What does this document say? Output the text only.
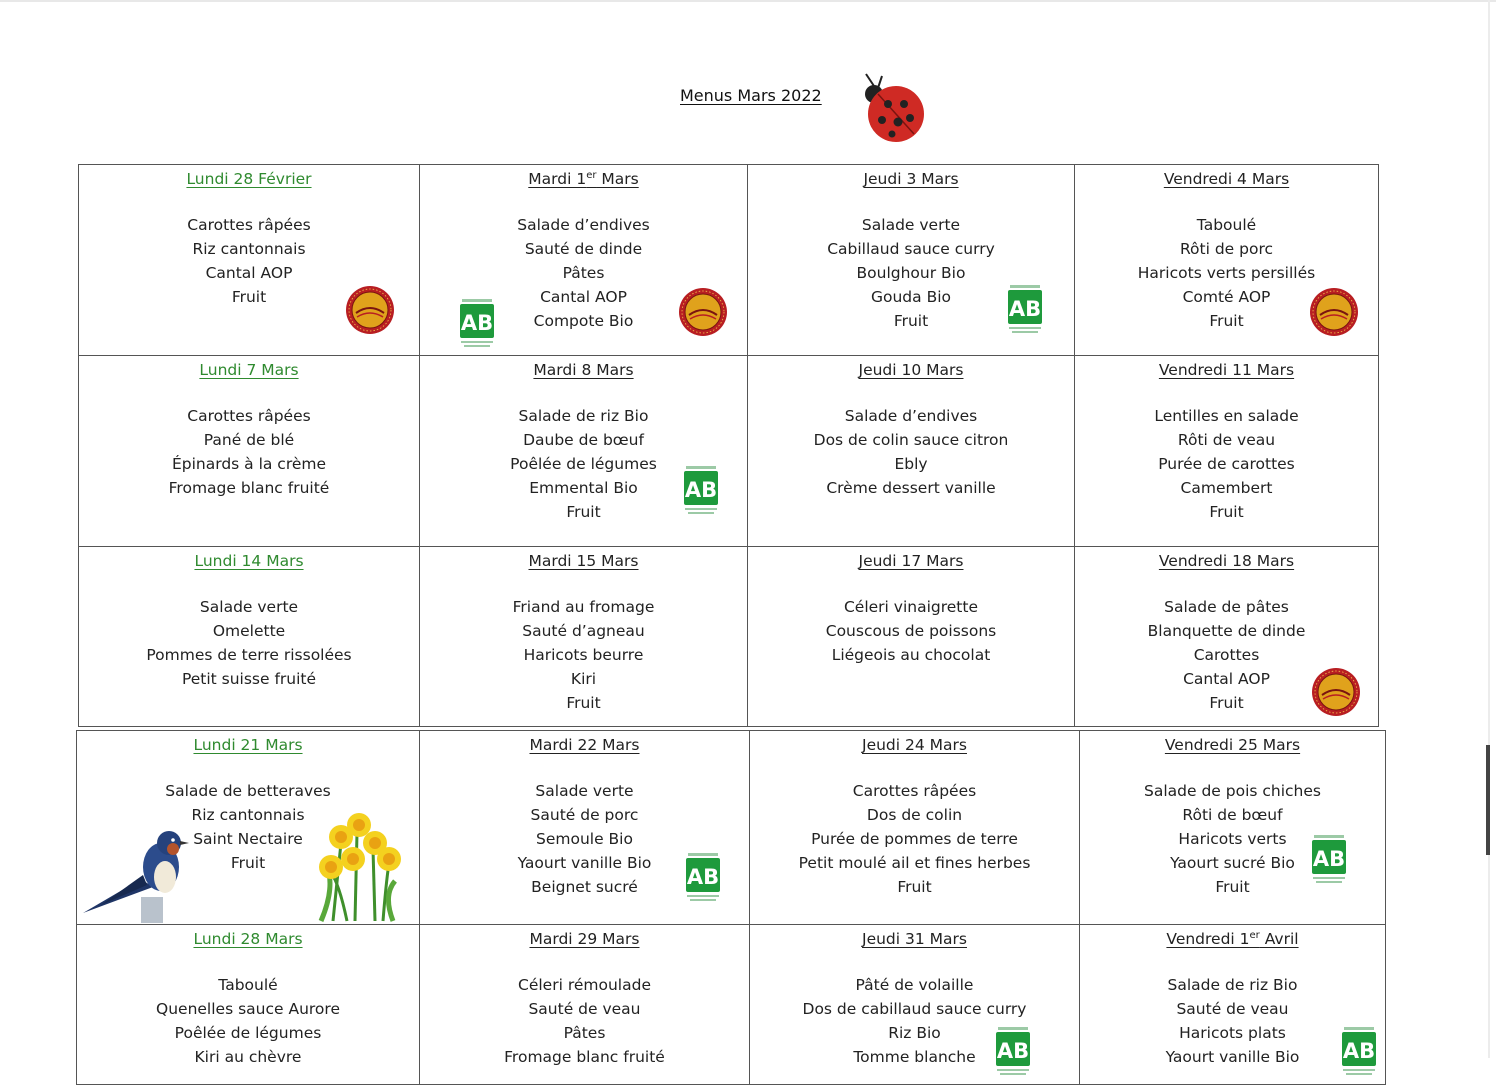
Menus Mars 2022
Lundi 28 Février
Carottes râpées
Riz cantonnais
Cantal AOP
Fruit
Mardi 1er Mars
Salade d’endives
Sauté de dinde
Pâtes
Cantal AOP
Compote Bio
Jeudi 3 Mars
Salade verte
Cabillaud sauce curry
Boulghour Bio
Gouda Bio
Fruit
Vendredi 4 Mars
Taboulé
Rôti de porc
Haricots verts persillés
Comté AOP
Fruit
Lundi 7 Mars
Carottes râpées
Pané de blé
Épinards à la crème
Fromage blanc fruité
Mardi 8 Mars
Salade de riz Bio
Daube de bœuf
Poêlée de légumes
Emmental Bio
Fruit
Jeudi 10 Mars
Salade d’endives
Dos de colin sauce citron
Ebly
Crème dessert vanille
Vendredi 11 Mars
Lentilles en salade
Rôti de veau
Purée de carottes
Camembert
Fruit
Lundi 14 Mars
Salade verte
Omelette
Pommes de terre rissolées
Petit suisse fruité
Mardi 15 Mars
Friand au fromage
Sauté d’agneau
Haricots beurre
Kiri
Fruit
Jeudi 17 Mars
Céleri vinaigrette
Couscous de poissons
Liégeois au chocolat
Vendredi 18 Mars
Salade de pâtes
Blanquette de dinde
Carottes
Cantal AOP
Fruit
Lundi 21 Mars
Salade de betteraves
Riz cantonnais
Saint Nectaire
Fruit
Mardi 22 Mars
Salade verte
Sauté de porc
Semoule Bio
Yaourt vanille Bio
Beignet sucré
Jeudi 24 Mars
Carottes râpées
Dos de colin
Purée de pommes de terre
Petit moulé ail et fines herbes
Fruit
Vendredi 25 Mars
Salade de pois chiches
Rôti de bœuf
Haricots verts
Yaourt sucré Bio
Fruit
Lundi 28 Mars
Taboulé
Quenelles sauce Aurore
Poêlée de légumes
Kiri au chèvre
Mardi 29 Mars
Céleri rémoulade
Sauté de veau
Pâtes
Fromage blanc fruité
Jeudi 31 Mars
Pâté de volaille
Dos de cabillaud sauce curry
Riz Bio
Tomme blanche
Vendredi 1er Avril
Salade de riz Bio
Sauté de veau
Haricots plats
Yaourt vanille Bio
